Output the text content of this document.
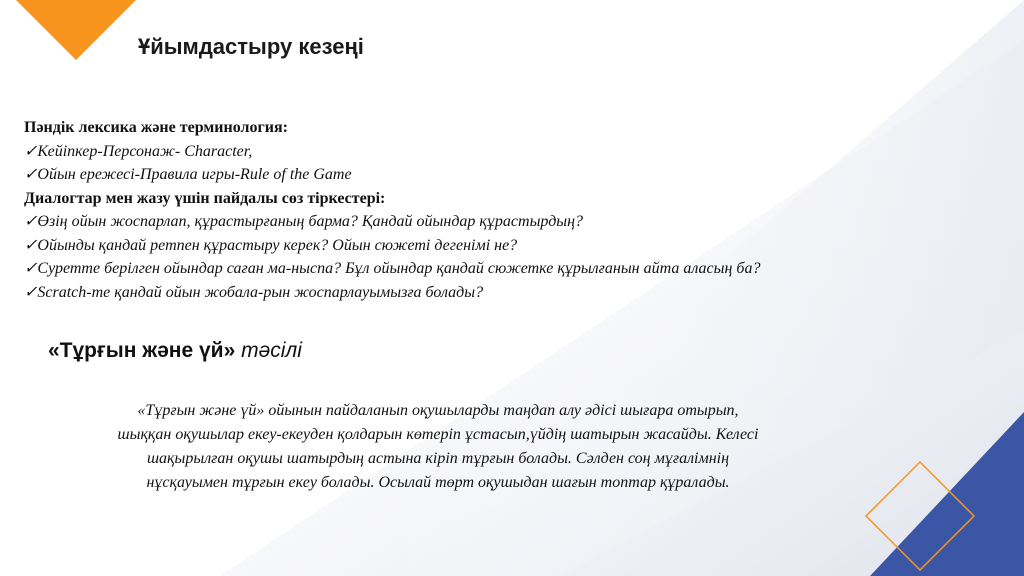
Ұйымдастыру кезеңі
Пәндік лексика және терминология:
✓Кейіпкер-Персонаж- Character,
✓Ойын ережесі-Правила игры-Rule of the Game
Диалогтар мен жазу үшін пайдалы сөз тіркестері:
✓Өзің ойын жоспарлап, құрастырғаның барма? Қандай ойындар құрастырдың?
✓Ойынды қандай ретпен құрастыру керек? Ойын сюжеті дегенімі не?
✓Суретте берілген ойындар саған ма-ныспа? Бұл ойындар қандай сюжетке құрылғанын айта аласың ба?
✓Scratch-те қандай ойын жобала-рын жоспарлауымызға болады?
«Тұрғын және үй» тәсілі
«Тұрғын және үй» ойынын пайдаланып оқушыларды таңдап алу әдісі шығара отырып,
шыққан оқушылар екеу-екеуден қолдарын көтеріп ұстасып,үйдің шатырын жасайды. Келесі
шақырылған оқушы шатырдың астына кіріп тұрғын болады. Сәлден соң мұғалімнің
нұсқауымен тұрғын екеу болады. Осылай төрт оқушыдан шағын топтар құралады.
